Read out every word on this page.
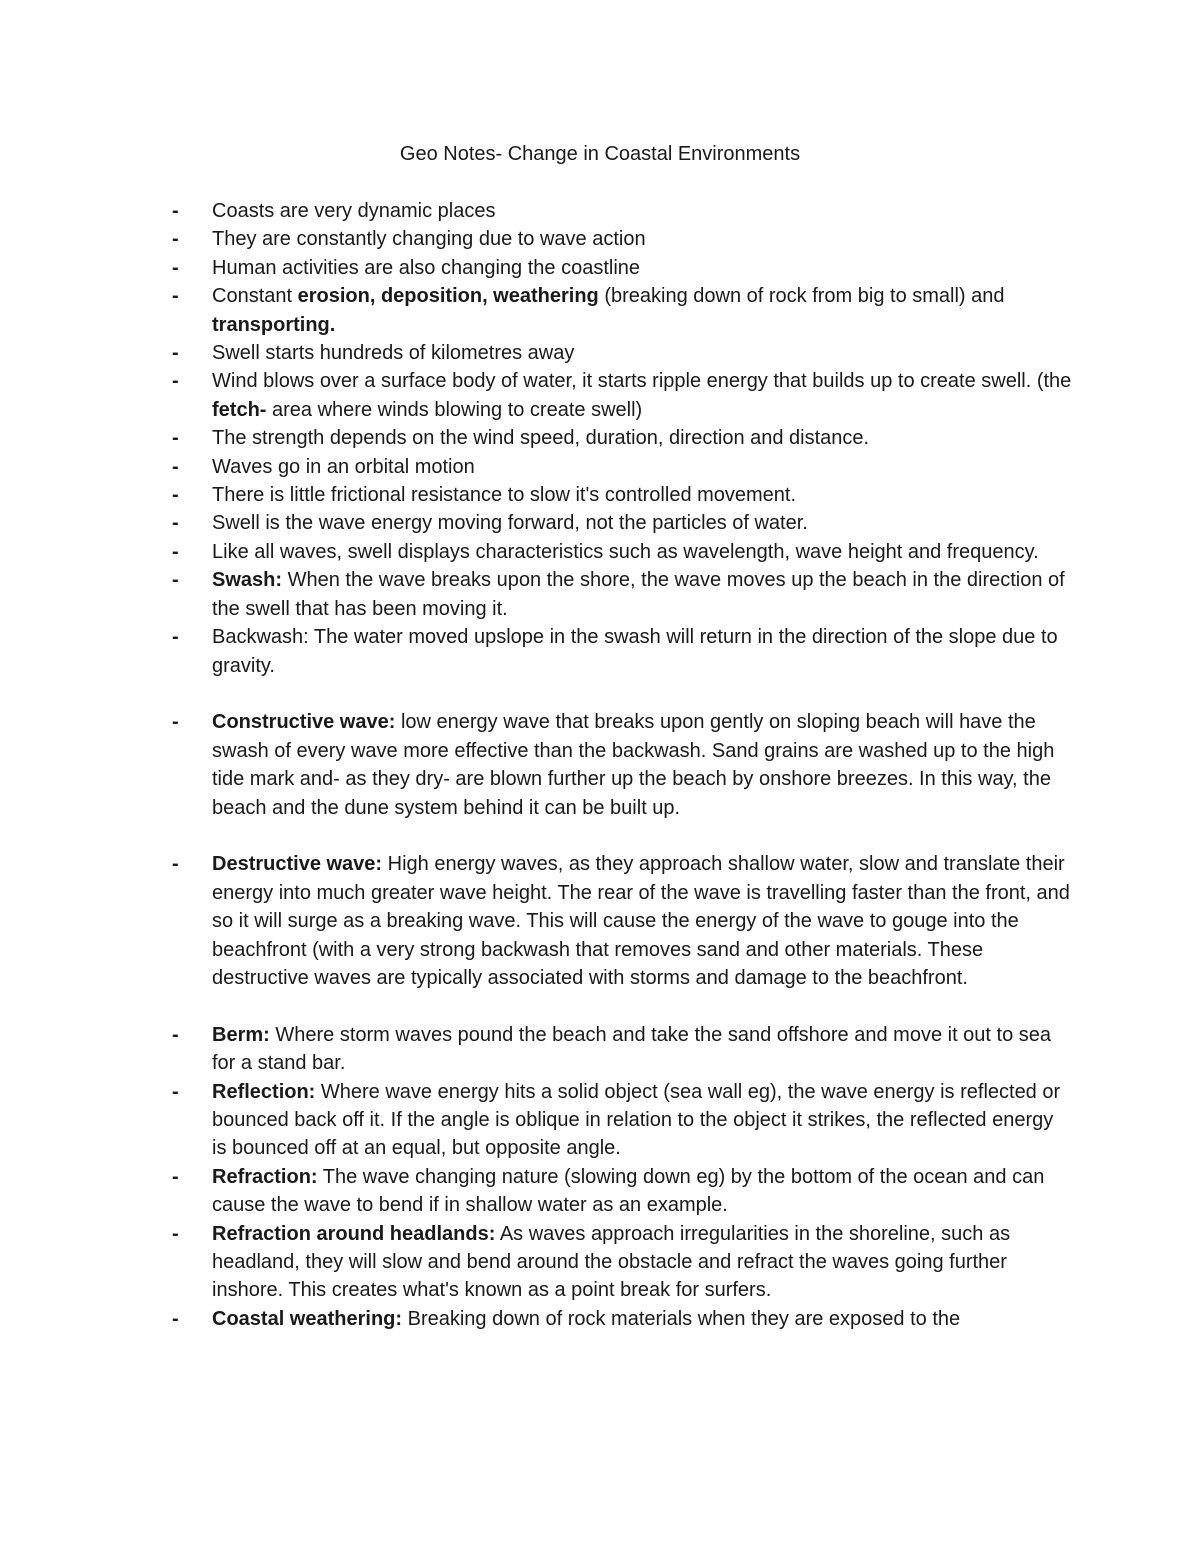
Geo Notes- Change in Coastal Environments
-	Coasts are very dynamic places
-	They are constantly changing due to wave action
-	Human activities are also changing the coastline
-	Constant erosion, deposition, weathering (breaking down of rock from big to small) and transporting.
-	Swell starts hundreds of kilometres away
-	Wind blows over a surface body of water, it starts ripple energy that builds up to create swell. (the fetch- area where winds blowing to create swell)
-	The strength depends on the wind speed, duration, direction and distance.
-	Waves go in an orbital motion
-	There is little frictional resistance to slow it's controlled movement.
-	Swell is the wave energy moving forward, not the particles of water.
-	Like all waves, swell displays characteristics such as wavelength, wave height and frequency.
-	Swash: When the wave breaks upon the shore, the wave moves up the beach in the direction of the swell that has been moving it.
-	Backwash: The water moved upslope in the swash will return in the direction of the slope due to gravity.
-	Constructive wave: low energy wave that breaks upon gently on sloping beach will have the swash of every wave more effective than the backwash. Sand grains are washed up to the high tide mark and- as they dry- are blown further up the beach by onshore breezes. In this way, the beach and the dune system behind it can be built up.
-	Destructive wave: High energy waves, as they approach shallow water, slow and translate their energy into much greater wave height. The rear of the wave is travelling faster than the front, and so it will surge as a breaking wave. This will cause the energy of the wave to gouge into the beachfront (with a very strong backwash that removes sand and other materials. These destructive waves are typically associated with storms and damage to the beachfront.
-	Berm: Where storm waves pound the beach and take the sand offshore and move it out to sea for a stand bar.
-	Reflection: Where wave energy hits a solid object (sea wall eg), the wave energy is reflected or bounced back off it. If the angle is oblique in relation to the object it strikes, the reflected energy is bounced off at an equal, but opposite angle.
-	Refraction: The wave changing nature (slowing down eg) by the bottom of the ocean and can cause the wave to bend if in shallow water as an example.
-	Refraction around headlands: As waves approach irregularities in the shoreline, such as headland, they will slow and bend around the obstacle and refract the waves going further inshore. This creates what's known as a point break for surfers.
-	Coastal weathering: Breaking down of rock materials when they are exposed to the
